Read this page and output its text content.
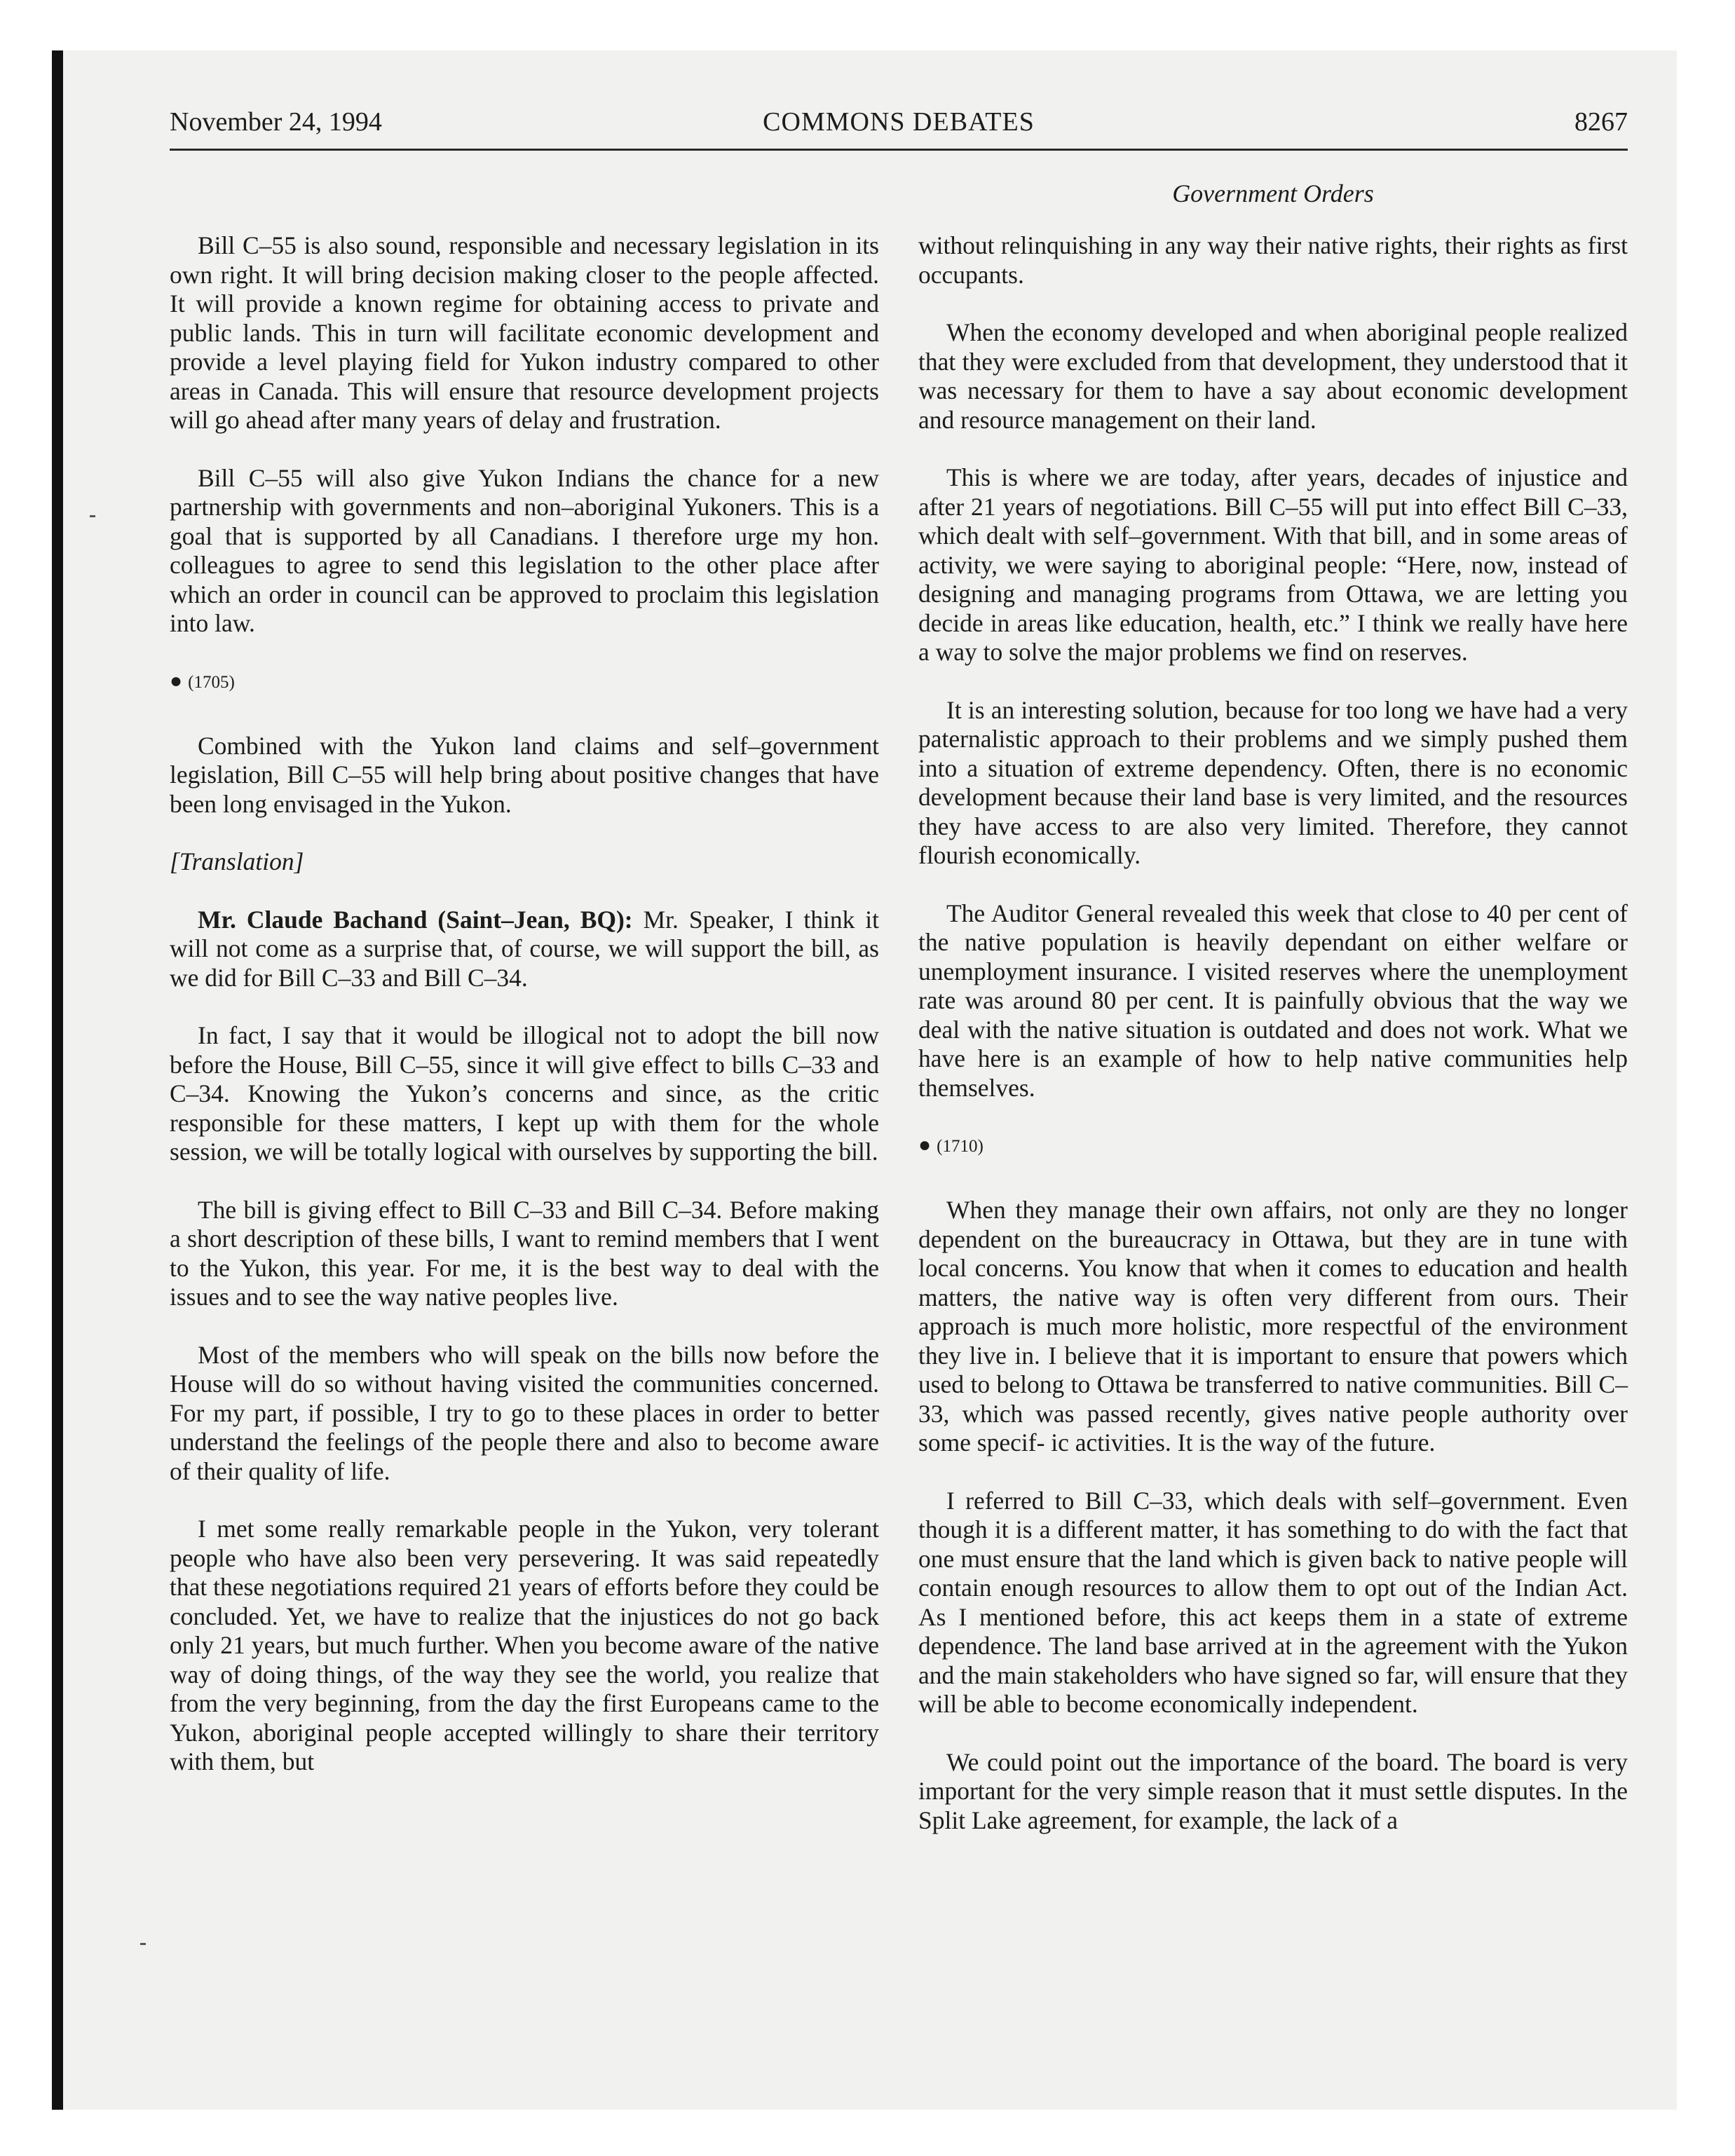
November 24, 1994	COMMONS DEBATES	8267
Government Orders

Bill C–55 is also sound, responsible and necessary legislation in its own right. It will bring decision making closer to the people affected. It will provide a known regime for obtaining access to private and public lands. This in turn will facilitate economic development and provide a level playing field for Yukon industry compared to other areas in Canada. This will ensure that resource development projects will go ahead after many years of delay and frustration.

Bill C–55 will also give Yukon Indians the chance for a new partnership with governments and non–aboriginal Yukoners. This is a goal that is supported by all Canadians. I therefore urge my hon. colleagues to agree to send this legislation to the other place after which an order in council can be approved to proclaim this legislation into law.

● (1705)

Combined with the Yukon land claims and self–government legislation, Bill C–55 will help bring about positive changes that have been long envisaged in the Yukon.

[Translation]

Mr. Claude Bachand (Saint–Jean, BQ): Mr. Speaker, I think it will not come as a surprise that, of course, we will support the bill, as we did for Bill C–33 and Bill C–34.

In fact, I say that it would be illogical not to adopt the bill now before the House, Bill C–55, since it will give effect to bills C–33 and C–34. Knowing the Yukon’s concerns and since, as the critic responsible for these matters, I kept up with them for the whole session, we will be totally logical with ourselves by supporting the bill.

The bill is giving effect to Bill C–33 and Bill C–34. Before making a short description of these bills, I want to remind members that I went to the Yukon, this year. For me, it is the best way to deal with the issues and to see the way native peoples live.

Most of the members who will speak on the bills now before the House will do so without having visited the communities concerned. For my part, if possible, I try to go to these places in order to better understand the feelings of the people there and also to become aware of their quality of life.

I met some really remarkable people in the Yukon, very tolerant people who have also been very persevering. It was said repeatedly that these negotiations required 21 years of efforts before they could be concluded. Yet, we have to realize that the injustices do not go back only 21 years, but much further. When you become aware of the native way of doing things, of the way they see the world, you realize that from the very beginning, from the day the first Europeans came to the Yukon, aboriginal people accepted willingly to share their territory with them, but

without relinquishing in any way their native rights, their rights as first occupants.

When the economy developed and when aboriginal people realized that they were excluded from that development, they understood that it was necessary for them to have a say about economic development and resource management on their land.

This is where we are today, after years, decades of injustice and after 21 years of negotiations. Bill C–55 will put into effect Bill C–33, which dealt with self–government. With that bill, and in some areas of activity, we were saying to aboriginal people: “Here, now, instead of designing and managing programs from Ottawa, we are letting you decide in areas like education, health, etc.” I think we really have here a way to solve the major problems we find on reserves.

It is an interesting solution, because for too long we have had a very paternalistic approach to their problems and we simply pushed them into a situation of extreme dependency. Often, there is no economic development because their land base is very limited, and the resources they have access to are also very limited. Therefore, they cannot flourish economically.

The Auditor General revealed this week that close to 40 per cent of the native population is heavily dependant on either welfare or unemployment insurance. I visited reserves where the unemployment rate was around 80 per cent. It is painfully obvious that the way we deal with the native situation is outdated and does not work. What we have here is an example of how to help native communities help themselves.

● (1710)

When they manage their own affairs, not only are they no longer dependent on the bureaucracy in Ottawa, but they are in tune with local concerns. You know that when it comes to education and health matters, the native way is often very different from ours. Their approach is much more holistic, more respectful of the environment they live in. I believe that it is important to ensure that powers which used to belong to Ottawa be transferred to native communities. Bill C–33, which was passed recently, gives native people authority over some specif- ic activities. It is the way of the future.

I referred to Bill C–33, which deals with self–government. Even though it is a different matter, it has something to do with the fact that one must ensure that the land which is given back to native people will contain enough resources to allow them to opt out of the Indian Act. As I mentioned before, this act keeps them in a state of extreme dependence. The land base arrived at in the agreement with the Yukon and the main stakeholders who have signed so far, will ensure that they will be able to become economically independent.

We could point out the importance of the board. The board is very important for the very simple reason that it must settle disputes. In the Split Lake agreement, for example, the lack of a
